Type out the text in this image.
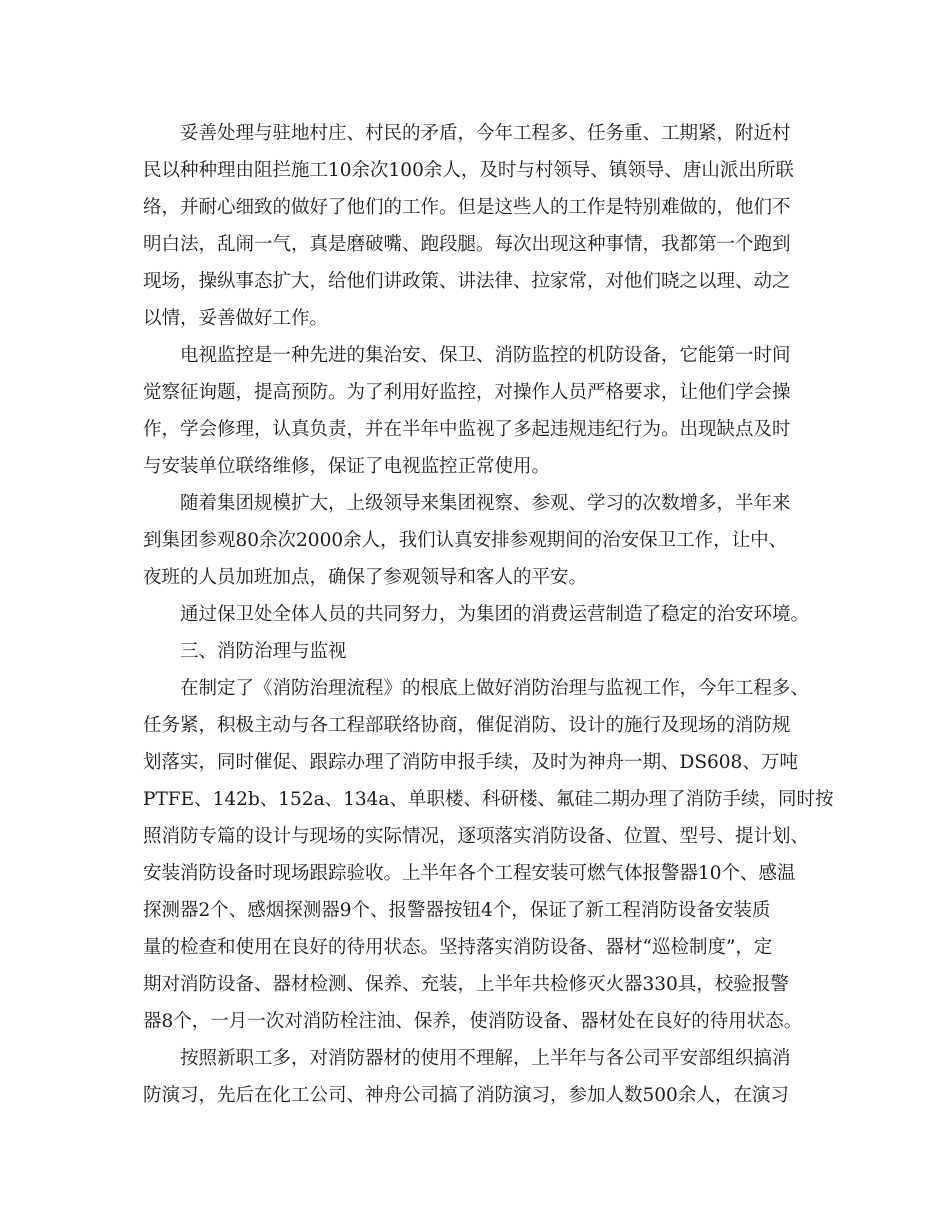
妥善处理与驻地村庄、村民的矛盾，今年工程多、任务重、工期紧，附近村
民以种种理由阻拦施工10余次100余人，及时与村领导、镇领导、唐山派出所联
络，并耐心细致的做好了他们的工作。但是这些人的工作是特别难做的，他们不
明白法，乱闹一气，真是磨破嘴、跑段腿。每次出现这种事情，我都第一个跑到
现场，操纵事态扩大，给他们讲政策、讲法律、拉家常，对他们晓之以理、动之
以情，妥善做好工作。
电视监控是一种先进的集治安、保卫、消防监控的机防设备，它能第一时间
觉察征询题，提高预防。为了利用好监控，对操作人员严格要求，让他们学会操
作，学会修理，认真负责，并在半年中监视了多起违规违纪行为。出现缺点及时
与安装单位联络维修，保证了电视监控正常使用。
随着集团规模扩大，上级领导来集团视察、参观、学习的次数增多，半年来
到集团参观80余次2000余人，我们认真安排参观期间的治安保卫工作，让中、
夜班的人员加班加点，确保了参观领导和客人的平安。
通过保卫处全体人员的共同努力，为集团的消费运营制造了稳定的治安环境。
三、消防治理与监视
在制定了《消防治理流程》的根底上做好消防治理与监视工作，今年工程多、
任务紧，积极主动与各工程部联络协商，催促消防、设计的施行及现场的消防规
划落实，同时催促、跟踪办理了消防申报手续，及时为神舟一期、DS608、万吨
PTFE、142b、152a、134a、单职楼、科研楼、氟硅二期办理了消防手续，同时按
照消防专篇的设计与现场的实际情况，逐项落实消防设备、位置、型号、提计划、
安装消防设备时现场跟踪验收。上半年各个工程安装可燃气体报警器10个、感温
探测器2个、感烟探测器9个、报警器按钮4个，保证了新工程消防设备安装质
量的检查和使用在良好的待用状态。坚持落实消防设备、器材“巡检制度”，定
期对消防设备、器材检测、保养、充装，上半年共检修灭火器330具，校验报警
器8个，一月一次对消防栓注油、保养，使消防设备、器材处在良好的待用状态。
按照新职工多，对消防器材的使用不理解，上半年与各公司平安部组织搞消
防演习，先后在化工公司、神舟公司搞了消防演习，参加人数500余人，在演习
